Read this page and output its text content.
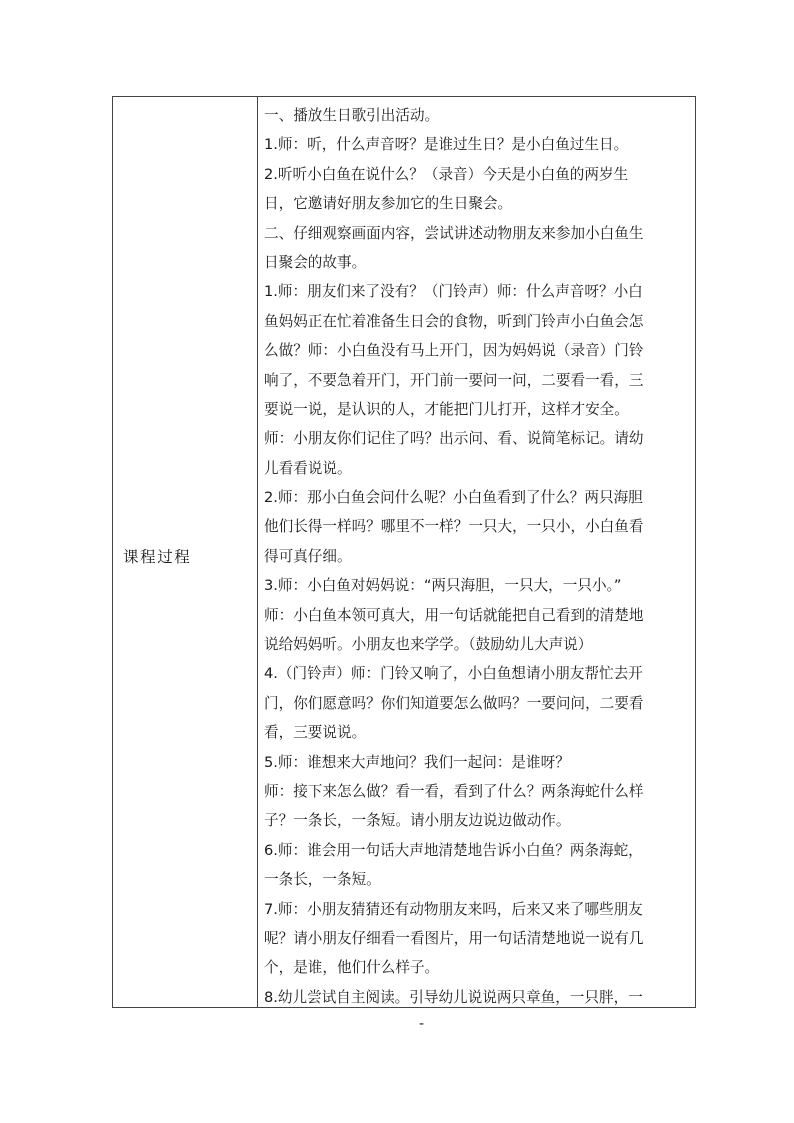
课程过程
一、播放生日歌引出活动。
1.师：听，什么声音呀？是谁过生日？是小白鱼过生日。
2.听听小白鱼在说什么？（录音）今天是小白鱼的两岁生
日，它邀请好朋友参加它的生日聚会。
二、仔细观察画面内容，尝试讲述动物朋友来参加小白鱼生
日聚会的故事。
1.师：朋友们来了没有？（门铃声）师：什么声音呀？小白
鱼妈妈正在忙着准备生日会的食物，听到门铃声小白鱼会怎
么做？师：小白鱼没有马上开门，因为妈妈说（录音）门铃
响了，不要急着开门，开门前一要问一问，二要看一看，三
要说一说，是认识的人，才能把门儿打开，这样才安全。
师：小朋友你们记住了吗？出示问、看、说简笔标记。请幼
儿看看说说。
2.师：那小白鱼会问什么呢？小白鱼看到了什么？两只海胆
他们长得一样吗？哪里不一样？一只大，一只小，小白鱼看
得可真仔细。
3.师：小白鱼对妈妈说：“两只海胆，一只大，一只小。”
师：小白鱼本领可真大，用一句话就能把自己看到的清楚地
说给妈妈听。小朋友也来学学。（鼓励幼儿大声说）
4.（门铃声）师：门铃又响了，小白鱼想请小朋友帮忙去开
门，你们愿意吗？你们知道要怎么做吗？一要问问，二要看
看，三要说说。
5.师：谁想来大声地问？我们一起问：是谁呀？
师：接下来怎么做？看一看，看到了什么？两条海蛇什么样
子？一条长，一条短。请小朋友边说边做动作。
6.师：谁会用一句话大声地清楚地告诉小白鱼？两条海蛇，
一条长，一条短。
7.师：小朋友猜猜还有动物朋友来吗，后来又来了哪些朋友
呢？请小朋友仔细看一看图片，用一句话清楚地说一说有几
个，是谁，他们什么样子。
8.幼儿尝试自主阅读。引导幼儿说说两只章鱼，一只胖，一
-
